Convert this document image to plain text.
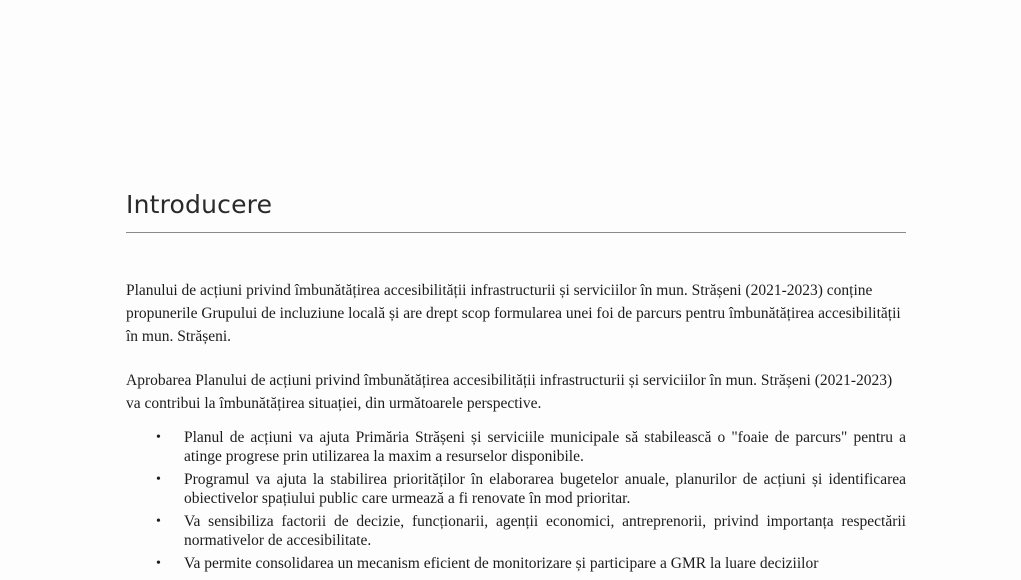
Introducere

Planului de acțiuni privind îmbunătățirea accesibilității infrastructurii și serviciilor în mun. Strășeni (2021-2023) conține propunerile Grupului de incluziune locală și are drept scop formularea unei foi de parcurs pentru îmbunătățirea accesibilității în mun. Strășeni.

Aprobarea Planului de acțiuni privind îmbunătățirea accesibilității infrastructurii și serviciilor în mun. Strășeni (2021-2023) va contribui la îmbunătățirea situației, din următoarele perspective.

• Planul de acțiuni va ajuta Primăria Strășeni și serviciile municipale să stabilească o "foaie de parcurs" pentru a atinge progrese prin utilizarea la maxim a resurselor disponibile.
• Programul va ajuta la stabilirea priorităților în elaborarea bugetelor anuale, planurilor de acțiuni și identificarea obiectivelor spațiului public care urmează a fi renovate în mod prioritar.
• Va sensibiliza factorii de decizie, funcționarii, agenții economici, antreprenorii, privind importanța respectării normativelor de accesibilitate.
• Va permite consolidarea un mecanism eficient de monitorizare și participare a GMR la luare deciziilor
